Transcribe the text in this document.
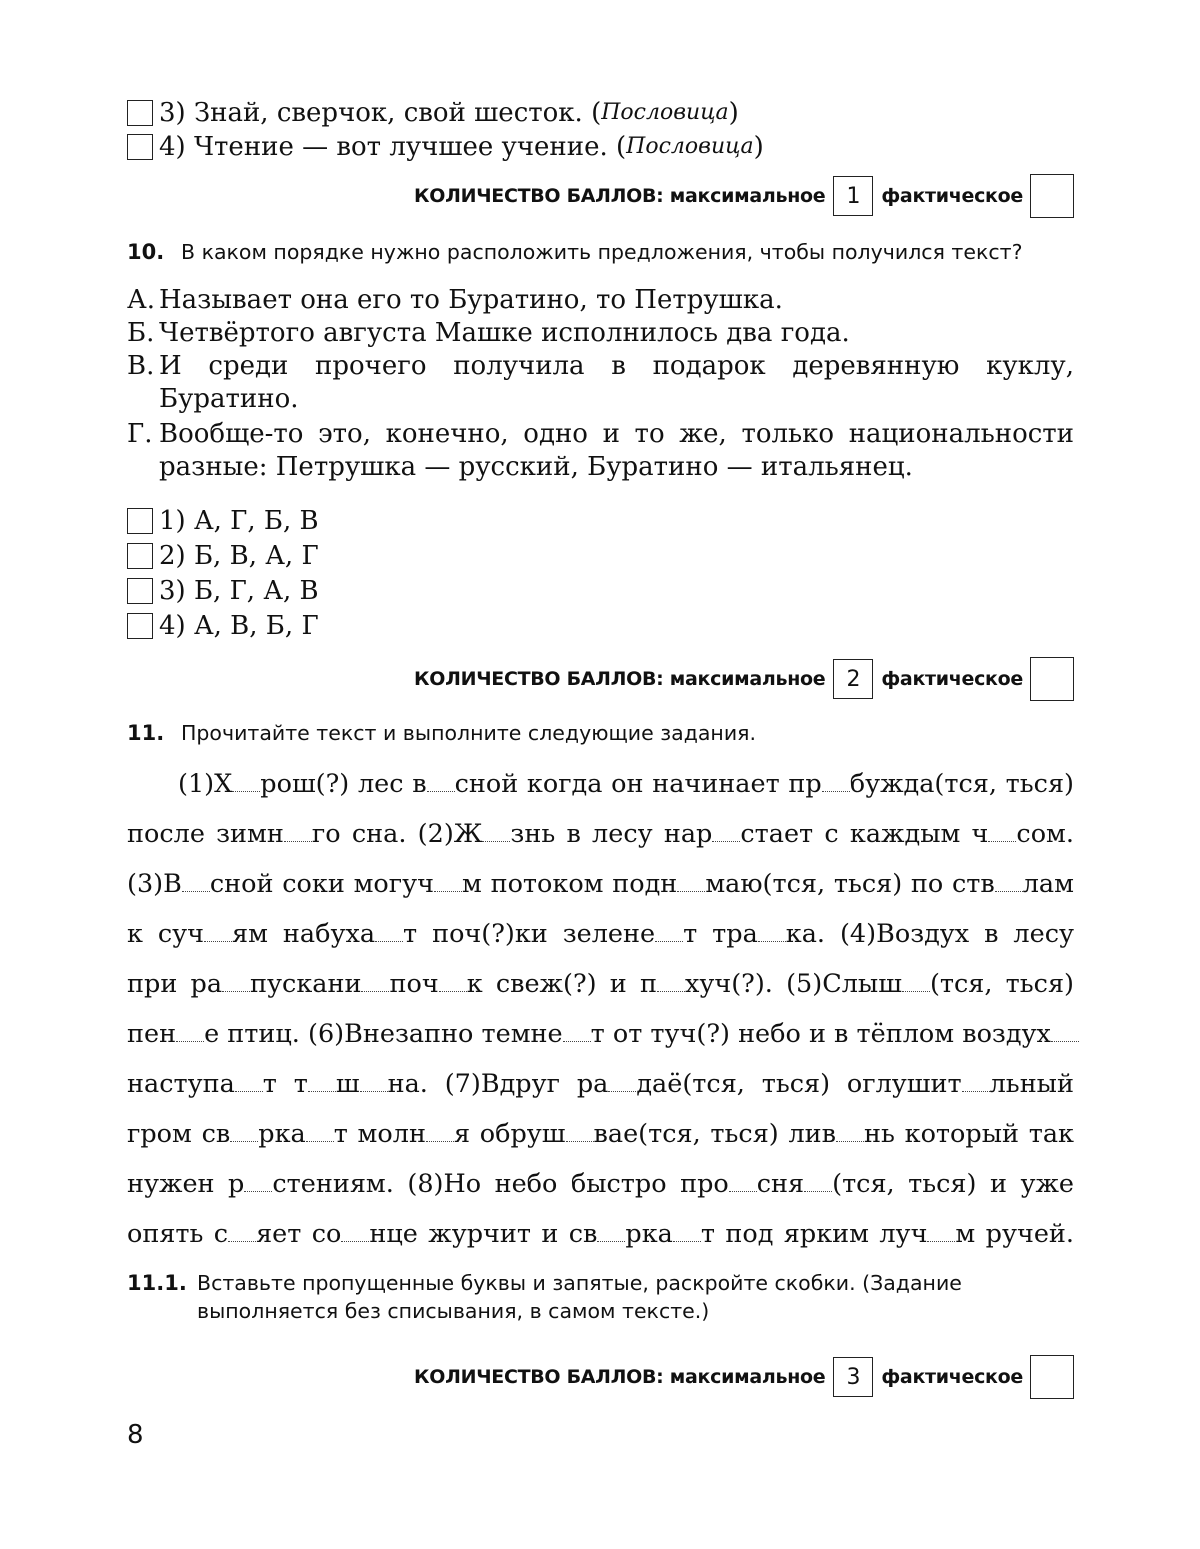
3) Знай, сверчок, свой шесток. ( Пословица )
4) Чтение — вот лучшее учение. ( Пословица )
КОЛИЧЕСТВО БАЛЛОВ: максимальное 1	фактическое
10. В каком порядке нужно расположить предложения, чтобы получился текст?
А. Называет она его то Буратино, то Петрушка.
Б. Четвёртого августа Машке исполнилось два года.
В. И среди прочего получила в подарок деревянную куклу, Буратино.
Г. Вообще-то это, конечно, одно и то же, только национальности разные: Петрушка — русский, Буратино — итальянец.
1) А, Г, Б, В
2) Б, В, А, Г
3) Б, Г, А, В
4) А, В, Б, Г
КОЛИЧЕСТВО БАЛЛОВ: максимальное 2	фактическое
11. Прочитайте текст и выполните следующие задания.
  (1)Х рош(?) лес в сной когда он начинает пр бужда(тся, ться)
после зимн го сна. (2)Ж знь в лесу нар стает с каждым ч сом.
(3)В сной соки могуч м потоком подн маю(тся, ться) по ств лам
к суч ям набуха т поч(?)ки зелене т тра ка. (4)Воздух в лесу
при ра пускани поч к свеж(?) и п хуч(?). (5)Слыш (тся, ться)
пен е птиц. (6)Внезапно темне т от туч(?) небо и в тёплом воздух
наступа т т ш на. (7)Вдруг ра даё(тся, ться) оглушит льный
гром св рка т молн я обруш вае(тся, ться) лив нь который так
нужен р стениям. (8)Но небо быстро про сня (тся, ться) и уже
опять с яет со нце журчит и св рка т под ярким луч м ручей.
11.1. Вставьте пропущенные буквы и запятые, раскройте скобки. (Задание выполняется без списывания, в самом тексте.)
КОЛИЧЕСТВО БАЛЛОВ: максимальное 3	фактическое
8
